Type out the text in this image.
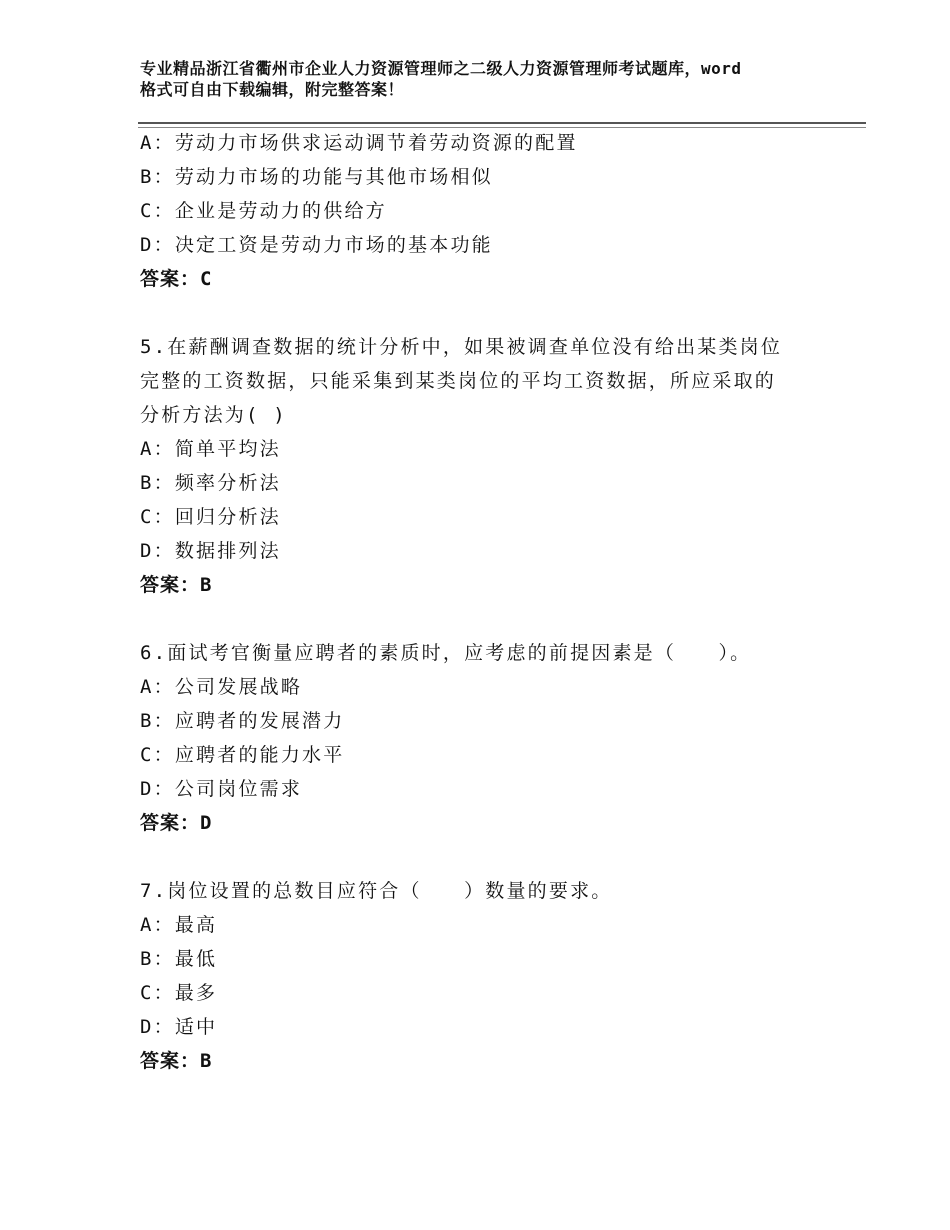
专业精品浙江省衢州市企业人力资源管理师之二级人力资源管理师考试题库，word
格式可自由下载编辑，附完整答案！
A：劳动力市场供求运动调节着劳动资源的配置
B：劳动力市场的功能与其他市场相似
C：企业是劳动力的供给方
D：决定工资是劳动力市场的基本功能
答案：C
5.在薪酬调查数据的统计分析中，如果被调查单位没有给出某类岗位
完整的工资数据，只能采集到某类岗位的平均工资数据，所应采取的
分析方法为( )
A：简单平均法
B：频率分析法
C：回归分析法
D：数据排列法
答案：B
6.面试考官衡量应聘者的素质时，应考虑的前提因素是（　　）。
A：公司发展战略
B：应聘者的发展潜力
C：应聘者的能力水平
D：公司岗位需求
答案：D
7.岗位设置的总数目应符合（　　）数量的要求。
A：最高
B：最低
C：最多
D：适中
答案：B
